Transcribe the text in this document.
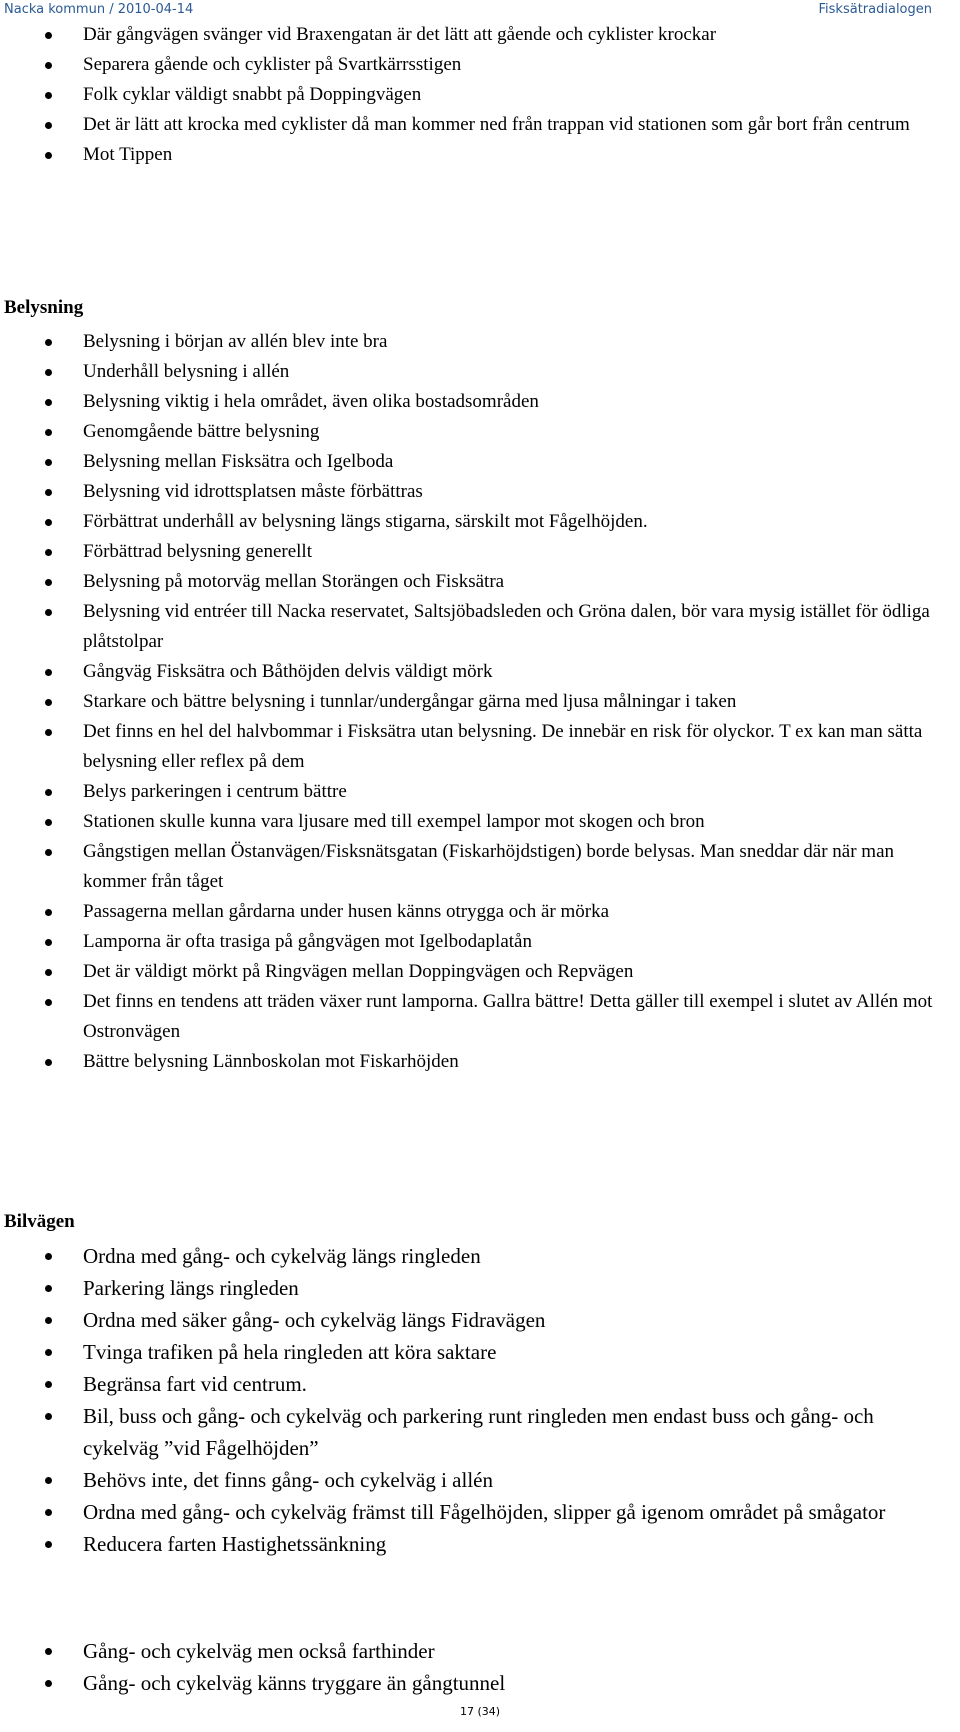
Nacka kommun / 2010-04-14	Fisksätradialogen
Där gångvägen svänger vid Braxengatan är det lätt att gående och cyklister krockar
Separera gående och cyklister på Svartkärrsstigen
Folk cyklar väldigt snabbt på Doppingvägen
Det är lätt att krocka med cyklister då man kommer ned från trappan vid stationen som går bort från centrum
Mot Tippen
Belysning
Belysning i början av allén blev inte bra
Underhåll belysning i allén
Belysning viktig i hela området, även olika bostadsområden
Genomgående bättre belysning
Belysning mellan Fisksätra och Igelboda
Belysning vid idrottsplatsen måste förbättras
Förbättrat underhåll av belysning längs stigarna, särskilt mot Fågelhöjden.
Förbättrad belysning generellt
Belysning på motorväg mellan Storängen och Fisksätra
Belysning vid entréer till Nacka reservatet, Saltsjöbadsleden och Gröna dalen, bör vara mysig istället för ödliga plåtstolpar
Gångväg Fisksätra och Båthöjden delvis väldigt mörk
Starkare och bättre belysning i tunnlar/undergångar gärna med ljusa målningar i taken
Det finns en hel del halvbommar i Fisksätra utan belysning. De innebär en risk för olyckor. T ex kan man sätta belysning eller reflex på dem
Belys parkeringen i centrum bättre
Stationen skulle kunna vara ljusare med till exempel lampor mot skogen och bron
Gångstigen mellan Östanvägen/Fisksnätsgatan (Fiskarhöjdstigen) borde belysas. Man sneddar där när man kommer från tåget
Passagerna mellan gårdarna under husen känns otrygga och är mörka
Lamporna är ofta trasiga på gångvägen mot Igelbodaplatån
Det är väldigt mörkt på Ringvägen mellan Doppingvägen och Repvägen
Det finns en tendens att träden växer runt lamporna. Gallra bättre! Detta gäller till exempel i slutet av Allén mot Ostronvägen
Bättre belysning Lännboskolan mot Fiskarhöjden
Bilvägen
Ordna med gång- och cykelväg längs ringleden
Parkering längs ringleden
Ordna med säker gång- och cykelväg längs Fidravägen
Tvinga trafiken på hela ringleden att köra saktare
Begränsa fart vid centrum.
Bil, buss och gång- och cykelväg och parkering runt ringleden men endast buss och gång- och cykelväg ”vid Fågelhöjden”
Behövs inte, det finns gång- och cykelväg i allén
Ordna med gång- och cykelväg främst till Fågelhöjden, slipper gå igenom området på smågator
Reducera farten Hastighetssänkning
Gång- och cykelväg men också farthinder
Gång- och cykelväg känns tryggare än gångtunnel
17 (34)
